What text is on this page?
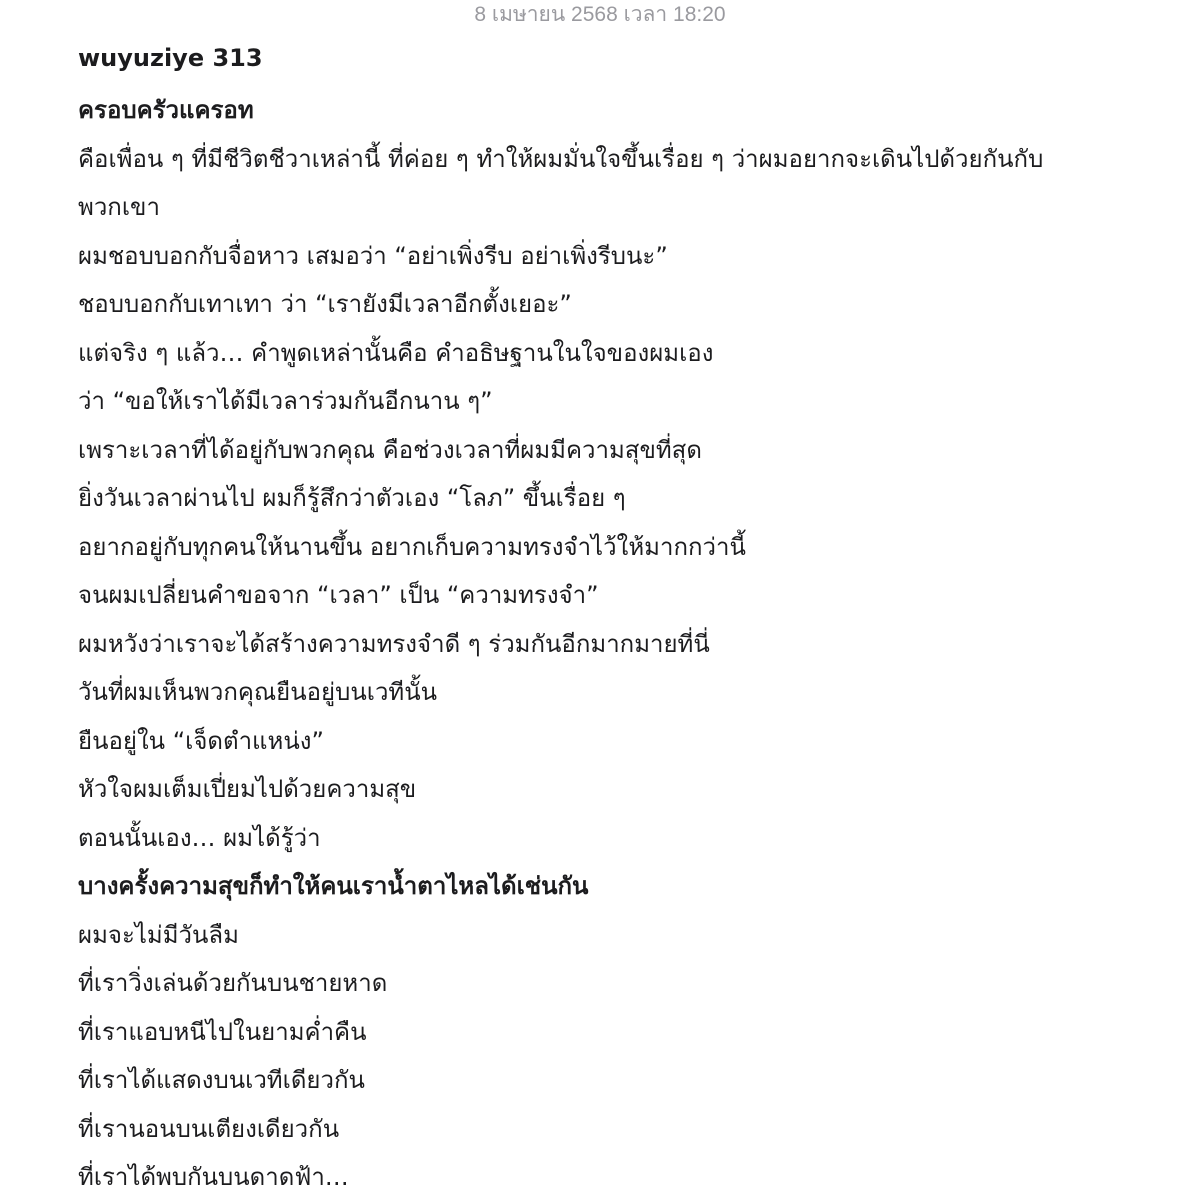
8 เมษายน 2568 เวลา 18:20
wuyuziye 313
ครอบครัวแครอท
คือเพื่อน ๆ ที่มีชีวิตชีวาเหล่านี้ ที่ค่อย ๆ ทำให้ผมมั่นใจขึ้นเรื่อย ๆ ว่าผมอยากจะเดินไปด้วยกันกับ
พวกเขา
ผมชอบบอกกับจื่อหาว เสมอว่า “อย่าเพิ่งรีบ อย่าเพิ่งรีบนะ”
ชอบบอกกับเทาเทา ว่า “เรายังมีเวลาอีกตั้งเยอะ”
แต่จริง ๆ แล้ว… คำพูดเหล่านั้นคือ คำอธิษฐานในใจของผมเอง
ว่า “ขอให้เราได้มีเวลาร่วมกันอีกนาน ๆ”
เพราะเวลาที่ได้อยู่กับพวกคุณ คือช่วงเวลาที่ผมมีความสุขที่สุด
ยิ่งวันเวลาผ่านไป ผมก็รู้สึกว่าตัวเอง “โลภ” ขึ้นเรื่อย ๆ
อยากอยู่กับทุกคนให้นานขึ้น อยากเก็บความทรงจำไว้ให้มากกว่านี้
จนผมเปลี่ยนคำขอจาก “เวลา” เป็น “ความทรงจำ”
ผมหวังว่าเราจะได้สร้างความทรงจำดี ๆ ร่วมกันอีกมากมายที่นี่
วันที่ผมเห็นพวกคุณยืนอยู่บนเวทีนั้น
ยืนอยู่ใน “เจ็ดตำแหน่ง”
หัวใจผมเต็มเปี่ยมไปด้วยความสุข
ตอนนั้นเอง… ผมได้รู้ว่า
บางครั้งความสุขก็ทำให้คนเราน้ำตาไหลได้เช่นกัน
ผมจะไม่มีวันลืม
ที่เราวิ่งเล่นด้วยกันบนชายหาด
ที่เราแอบหนีไปในยามค่ำคืน
ที่เราได้แสดงบนเวทีเดียวกัน
ที่เรานอนบนเตียงเดียวกัน
ที่เราได้พบกันบนดาดฟ้า…
